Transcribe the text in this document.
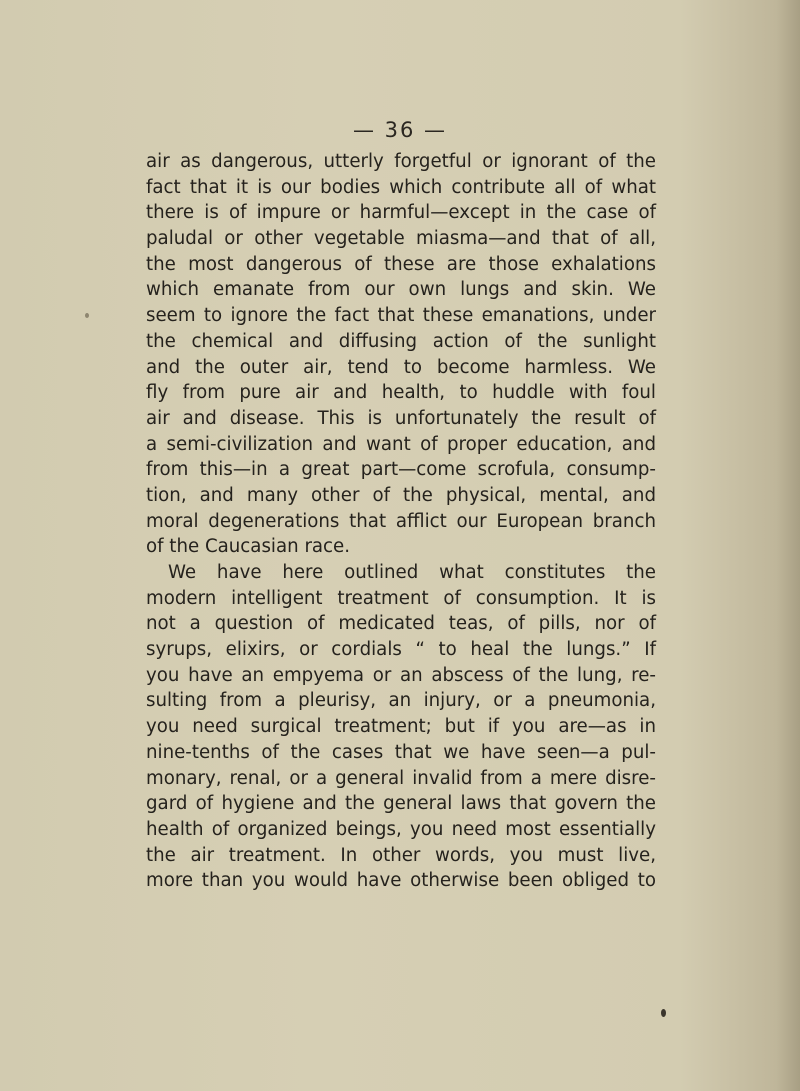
— 36 —
air as dangerous, utterly forgetful or ignorant of the
fact that it is our bodies which contribute all of what
there is of impure or harmful—except in the case of
paludal or other vegetable miasma—and that of all,
the most dangerous of these are those exhalations
which emanate from our own lungs and skin. We
seem to ignore the fact that these emanations, under
the chemical and diffusing action of the sunlight
and the outer air, tend to become harmless. We
fly from pure air and health, to huddle with foul
air and disease. This is unfortunately the result of
a semi-civilization and want of proper education, and
from this—in a great part—come scrofula, consump-
tion, and many other of the physical, mental, and
moral degenerations that afflict our European branch
of the Caucasian race.
We have here outlined what constitutes the
modern intelligent treatment of consumption. It is
not a question of medicated teas, of pills, nor of
syrups, elixirs, or cordials “ to heal the lungs.” If
you have an empyema or an abscess of the lung, re-
sulting from a pleurisy, an injury, or a pneumonia,
you need surgical treatment; but if you are—as in
nine-tenths of the cases that we have seen—a pul-
monary, renal, or a general invalid from a mere disre-
gard of hygiene and the general laws that govern the
health of organized beings, you need most essentially
the air treatment. In other words, you must live,
more than you would have otherwise been obliged to
